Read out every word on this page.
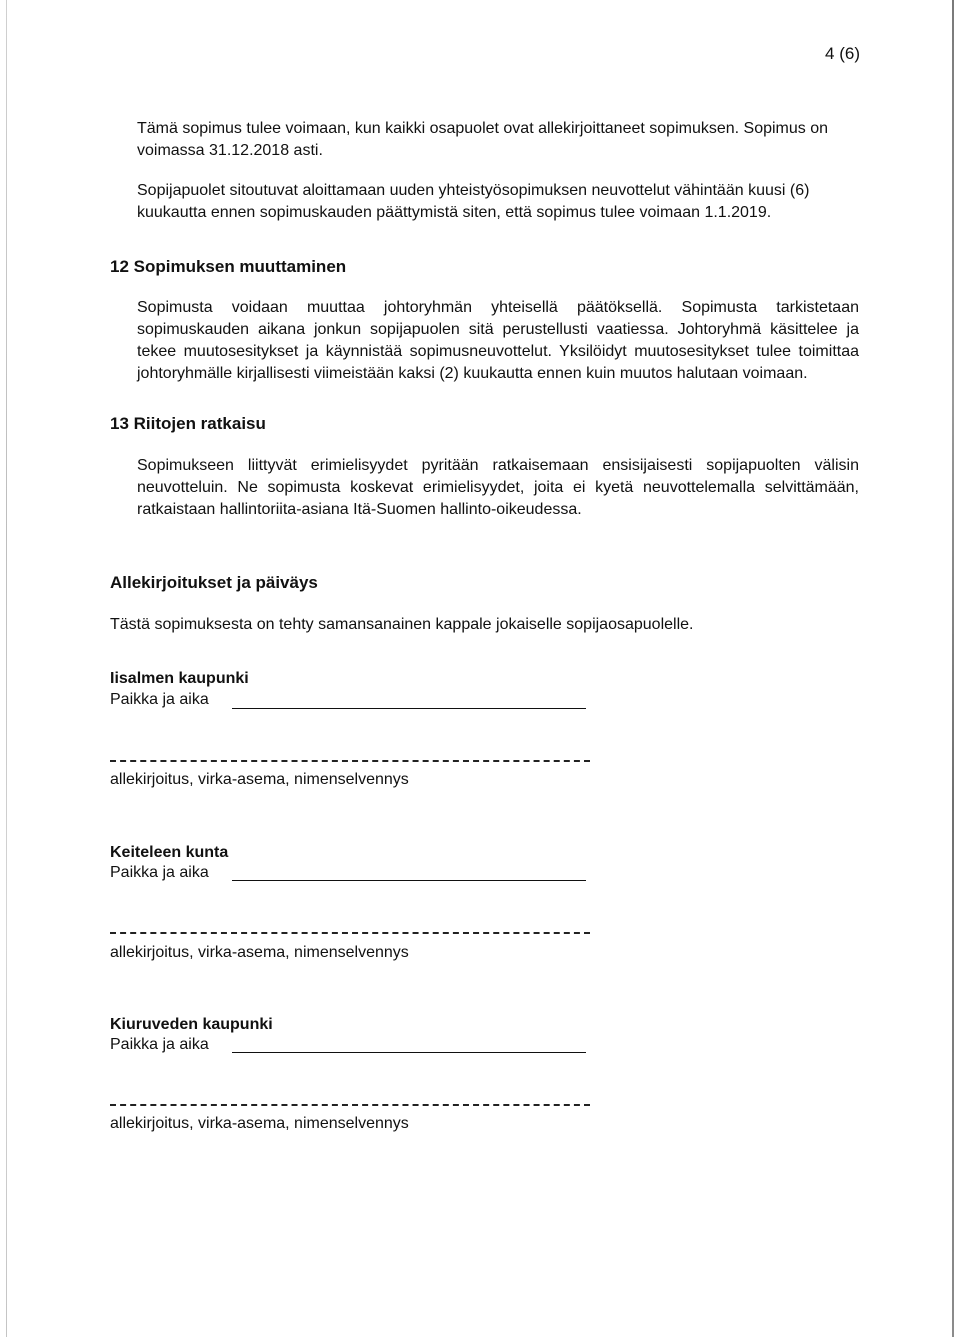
4 (6)

Tämä sopimus tulee voimaan, kun kaikki osapuolet ovat allekirjoittaneet sopimuksen. Sopimus on voimassa 31.12.2018 asti.

Sopijapuolet sitoutuvat aloittamaan uuden yhteistyösopimuksen neuvottelut vähintään kuusi (6) kuukautta ennen sopimuskauden päättymistä siten, että sopimus tulee voimaan 1.1.2019.

12 Sopimuksen muuttaminen

Sopimusta voidaan muuttaa johtoryhmän yhteisellä päätöksellä. Sopimusta tarkistetaan sopimuskauden aikana jonkun sopijapuolen sitä perustellusti vaatiessa. Johtoryhmä käsittelee ja tekee muutosesitykset ja käynnistää sopimusneuvottelut. Yksilöidyt muutosesitykset tulee toimittaa johtoryhmälle kirjallisesti viimeistään kaksi (2) kuukautta ennen kuin muutos halutaan voimaan.

13 Riitojen ratkaisu

Sopimukseen liittyvät erimielisyydet pyritään ratkaisemaan ensisijaisesti sopijapuolten välisin neuvotteluin. Ne sopimusta koskevat erimielisyydet, joita ei kyetä neuvottelemalla selvittämään, ratkaistaan hallintoriita-asiana Itä-Suomen hallinto-oikeudessa.

Allekirjoitukset ja päiväys

Tästä sopimuksesta on tehty samansanainen kappale jokaiselle sopijaosapuolelle.

Iisalmen kaupunki
Paikka ja aika
allekirjoitus, virka-asema, nimenselvennys
Keiteleen kunta
Paikka ja aika
allekirjoitus, virka-asema, nimenselvennys
Kiuruveden kaupunki
Paikka ja aika
allekirjoitus, virka-asema, nimenselvennys
